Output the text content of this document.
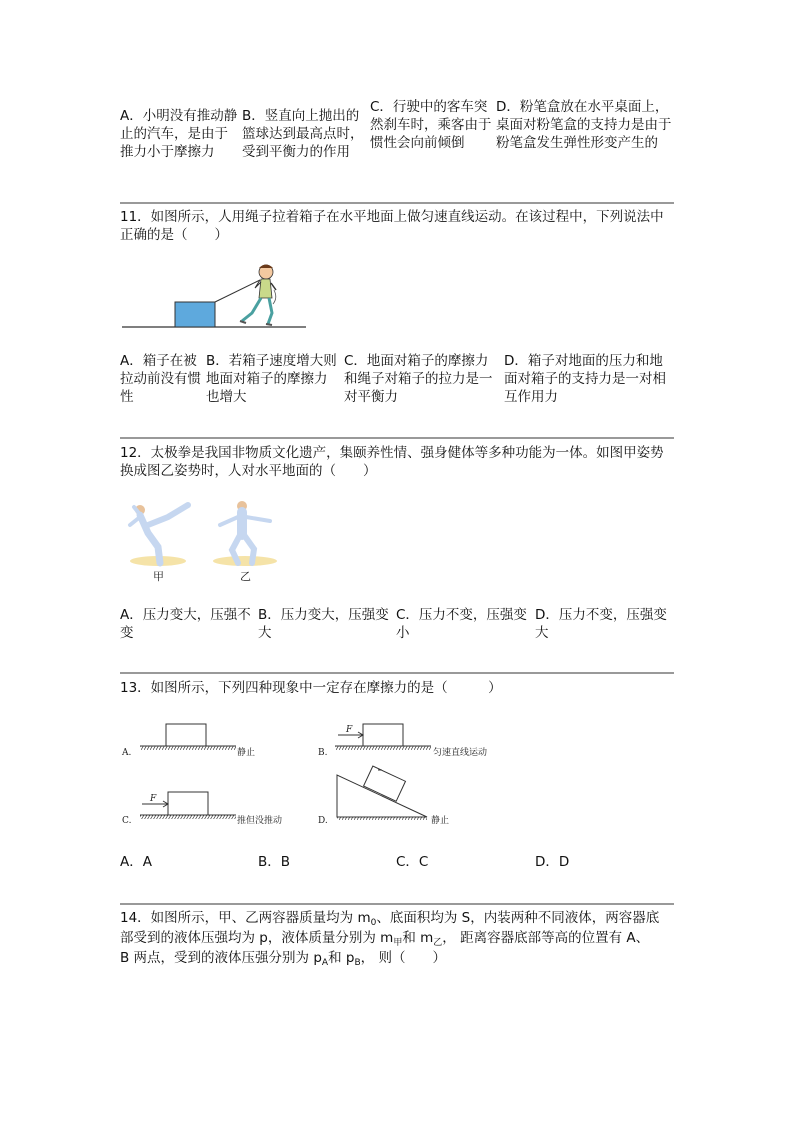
A．小明没有推动静止的汽车，是由于推力小于摩擦力
B．竖直向上抛出的篮球达到最高点时，受到平衡力的作用
C．行驶中的客车突然刹车时，乘客由于惯性会向前倾倒
D．粉笔盒放在水平桌面上，桌面对粉笔盒的支持力是由于粉笔盒发生弹性形变产生的
11．如图所示，人用绳子拉着箱子在水平地面上做匀速直线运动。在该过程中，下列说法中正确的是（　　）
A．箱子在被拉动前没有惯性
B．若箱子速度增大则地面对箱子的摩擦力也增大
C．地面对箱子的摩擦力和绳子对箱子的拉力是一对平衡力
D．箱子对地面的压力和地面对箱子的支持力是一对相互作用力
12．太极拳是我国非物质文化遗产，集颐养性情、强身健体等多种功能为一体。如图甲姿势换成图乙姿势时，人对水平地面的（　　）
甲	乙
A．压力变大，压强不变
B．压力变大，压强变大
C．压力不变，压强变小
D．压力不变，压强变大
13．如图所示，下列四种现象中一定存在摩擦力的是（　　　）
A.	静止	B.
F
匀速直线运动
C.
F
推但没推动	D.	静止
A．A	B．B	C．C	D．D
14．如图所示，甲、乙两容器质量均为 $m_0$、底面积均为 S，内装两种不同液体，两容器底
部受到的液体压强均为 p，液体质量分别为 $m_甲$和 $m_乙$， 距离容器底部等高的位置有 A、
B 两点，受到的液体压强分别为 $p_A$和 $p_B$， 则（　　）
